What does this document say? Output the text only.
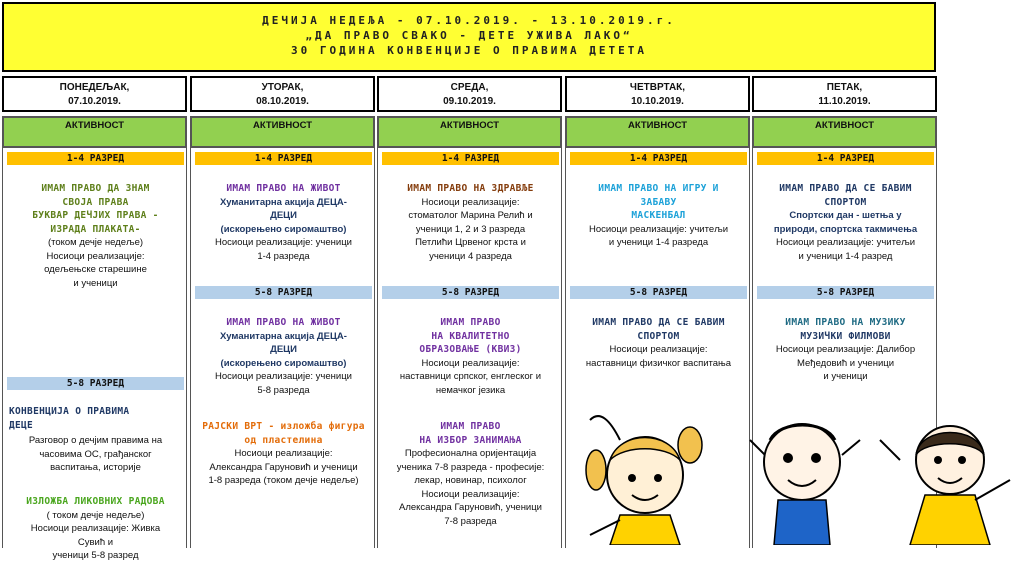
ДЕЧИЈА НЕДЕЉА - 07.10.2019. - 13.10.2019.г.
„ДА ПРАВО СВАКО - ДЕТЕ УЖИВА ЛАКО“
30 ГОДИНА КОНВЕНЦИЈЕ О ПРАВИМА ДЕТЕТА
ПОНЕДЕЉАК,
07.10.2019.
АКТИВНОСТ
1-4 РАЗРЕД
ИМАМ ПРАВО ДА ЗНАМ
СВОЈА ПРАВА
БУКВАР ДЕЧЈИХ ПРАВА -
ИЗРАДА ПЛАКАТА-
(током дечје недеље)
Носиоци реализације:
одељењске старешине
и ученици
5-8 РАЗРЕД
КОНВЕНЦИЈА О ПРАВИМА
ДЕЦЕ
Разговор о дечјим правима на
часовима ОС, грађанског
васпитања, историје
ИЗЛОЖБА ЛИКОВНИХ РАДОВА
( током дечје недеље)
Носиоци реализације: Живка
Сувић и
ученици 5-8 разред
УТОРАК,
08.10.2019.
АКТИВНОСТ
1-4 РАЗРЕД
ИМАМ ПРАВО НА ЖИВОТ
Хуманитарна акција ДЕЦА-
ДЕЦИ
(искорењено сиромаштво)
Носиоци реализације: ученици
1-4 разреда
5-8 РАЗРЕД
ИМАМ ПРАВО НА ЖИВОТ
Хуманитарна акција ДЕЦА-
ДЕЦИ
(искорењено сиромаштво)
Носиоци реализације: ученици
5-8 разреда
РАЈСКИ ВРТ - изложба фигура
од пластелина
Носиоци реализације:
Александра Гаруновић и ученици
1-8 разреда (током дечје недеље)
СРЕДА,
09.10.2019.
АКТИВНОСТ
1-4 РАЗРЕД
ИМАМ ПРАВО НА ЗДРАВЉЕ
Носиоци реализације:
стоматолог Марина Релић и
ученици 1, 2 и 3 разреда
Петлићи Црвеног крста и
ученици 4 разреда
5-8 РАЗРЕД
ИМАМ ПРАВО
НА КВАЛИТЕТНО
ОБРАЗОВАЊЕ (КВИЗ)
Носиоци реализације:
наставници српског, енглеског и
немачког језика
ИМАМ ПРАВО
НА ИЗБОР ЗАНИМАЊА
Професионална оријентација
ученика 7-8 разреда - професије:
лекар, новинар, психолог
Носиоци реализације:
Александра Гаруновић, ученици
7-8 разреда
ЧЕТВРТАК,
10.10.2019.
АКТИВНОСТ
1-4 РАЗРЕД
ИМАМ ПРАВО НА ИГРУ И
ЗАБАВУ
МАСКЕНБАЛ
Носиоци реализације: учитељи
и ученици 1-4 разреда
5-8 РАЗРЕД
ИМАМ ПРАВО ДА СЕ БАВИМ
СПОРТОМ
Носиоци реализације:
наставници физичког васпитања
ПЕТАК,
11.10.2019.
АКТИВНОСТ
1-4 РАЗРЕД
ИМАМ ПРАВО ДА СЕ БАВИМ
СПОРТОМ
Спортски дан - шетња у
природи, спортска такмичења
Носиоци реализације: учитељи
и ученици 1-4 разред
5-8 РАЗРЕД
ИМАМ ПРАВО НА МУЗИКУ
МУЗИЧКИ ФИЛМОВИ
Носиоци реализације: Далибор
Међедовић и ученици
и ученици
